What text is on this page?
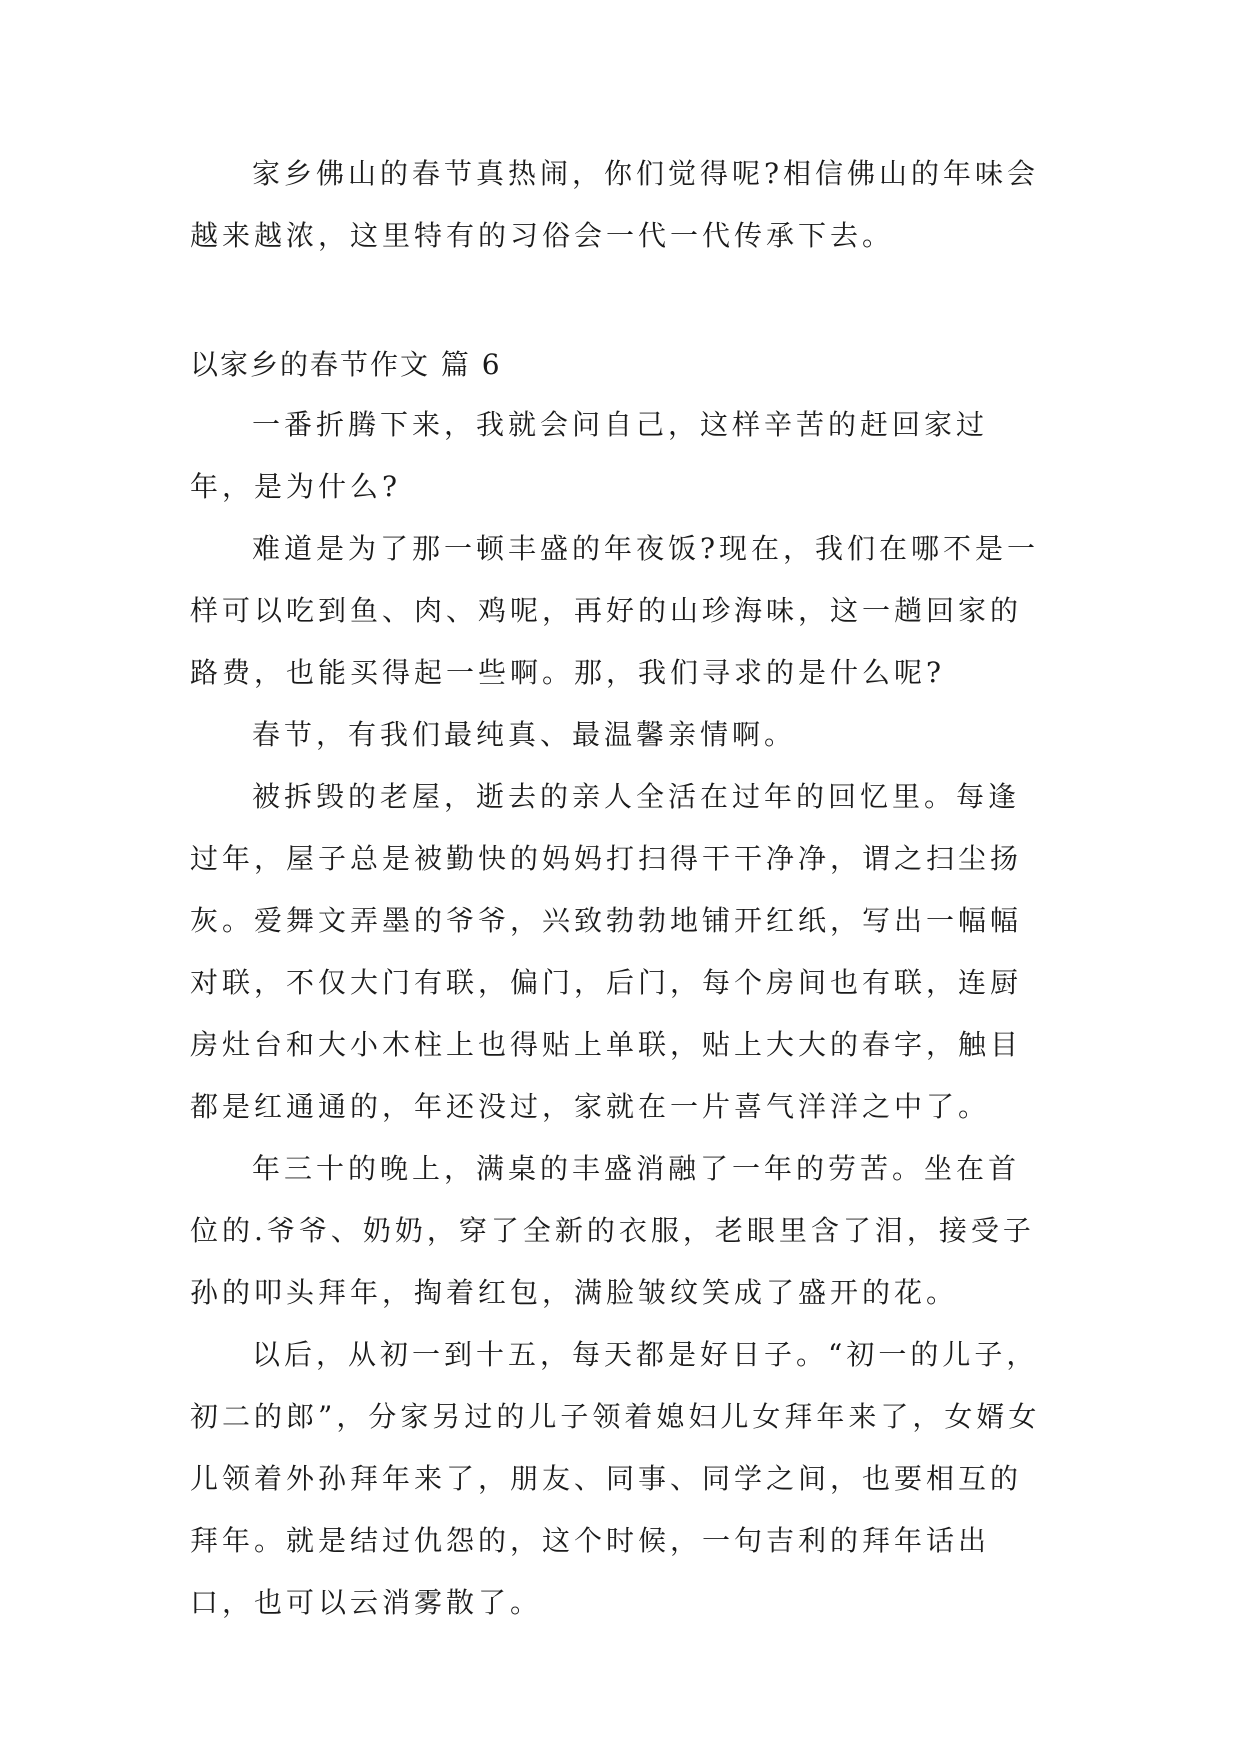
家乡佛山的春节真热闹，你们觉得呢?相信佛山的年味会越来越浓，这里特有的习俗会一代一代传承下去。

以家乡的春节作文 篇 6

一番折腾下来，我就会问自己，这样辛苦的赶回家过年，是为什么?

难道是为了那一顿丰盛的年夜饭?现在，我们在哪不是一样可以吃到鱼、肉、鸡呢，再好的山珍海味，这一趟回家的路费，也能买得起一些啊。那，我们寻求的是什么呢?

春节，有我们最纯真、最温馨亲情啊。

被拆毁的老屋，逝去的亲人全活在过年的回忆里。每逢过年，屋子总是被勤快的妈妈打扫得干干净净，谓之扫尘扬灰。爱舞文弄墨的爷爷，兴致勃勃地铺开红纸，写出一幅幅对联，不仅大门有联，偏门，后门，每个房间也有联，连厨房灶台和大小木柱上也得贴上单联，贴上大大的春字，触目都是红通通的，年还没过，家就在一片喜气洋洋之中了。

年三十的晚上，满桌的丰盛消融了一年的劳苦。坐在首位的.爷爷、奶奶，穿了全新的衣服，老眼里含了泪，接受子孙的叩头拜年，掏着红包，满脸皱纹笑成了盛开的花。

以后，从初一到十五，每天都是好日子。“初一的儿子，初二的郎”，分家另过的儿子领着媳妇儿女拜年来了，女婿女儿领着外孙拜年来了，朋友、同事、同学之间，也要相互的拜年。就是结过仇怨的，这个时候，一句吉利的拜年话出口，也可以云消雾散了。
